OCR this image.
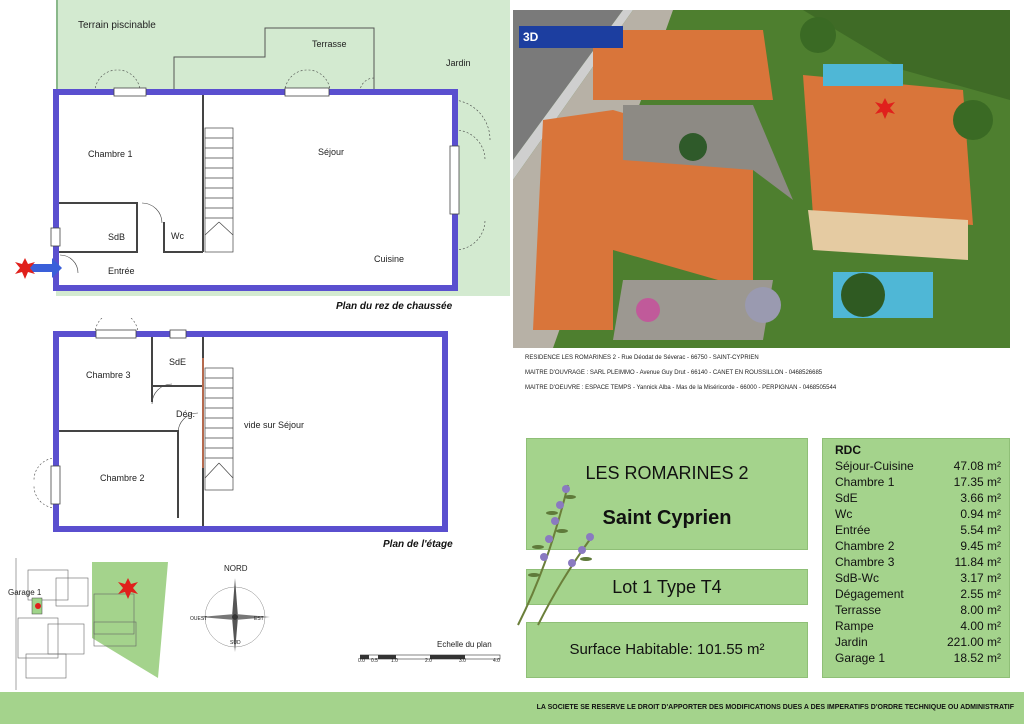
Terrain piscinable
Terrasse
Jardin
Chambre 1	Séjour
SdB	Wc
Entrée
Cuisine
Plan du rez de chaussée
Chambre 3
SdE
Dég.
vide sur Séjour
Chambre 2
Plan de l'étage
Garage 1
NORD
SUD
EST
OUEST
Echelle du plan
0.0 0.5	1.0	2.0	3.0	4.0
3D
RESIDENCE LES ROMARINES 2 - Rue Déodat de Séverac - 66750 - SAINT-CYPRIEN
MAITRE D'OUVRAGE : SARL PLEIMMO - Avenue Guy Drut - 66140 - CANET EN ROUSSILLON - 0468526685
MAITRE D'OEUVRE : ESPACE TEMPS - Yannick Alba - Mas de la Miséricorde - 66000 - PERPIGNAN - 0468505544
LES ROMARINES 2
Saint Cyprien
Lot 1 Type T4
Surface Habitable: 101.55 m²
RDC
Séjour-Cuisine	47.08 m²
Chambre 1	17.35 m²
SdE	3.66 m²
Wc	0.94 m²
Entrée	5.54 m²
Chambre 2	9.45 m²
Chambre 3	11.84 m²
SdB-Wc	3.17 m²
Dégagement	2.55 m²
Terrasse	8.00 m²
Rampe	4.00 m²
Jardin	221.00 m²
Garage 1	18.52 m²
LA SOCIETE SE RESERVE LE DROIT D'APPORTER DES MODIFICATIONS DUES A DES IMPERATIFS D'ORDRE TECHNIQUE OU ADMINISTRATIF
